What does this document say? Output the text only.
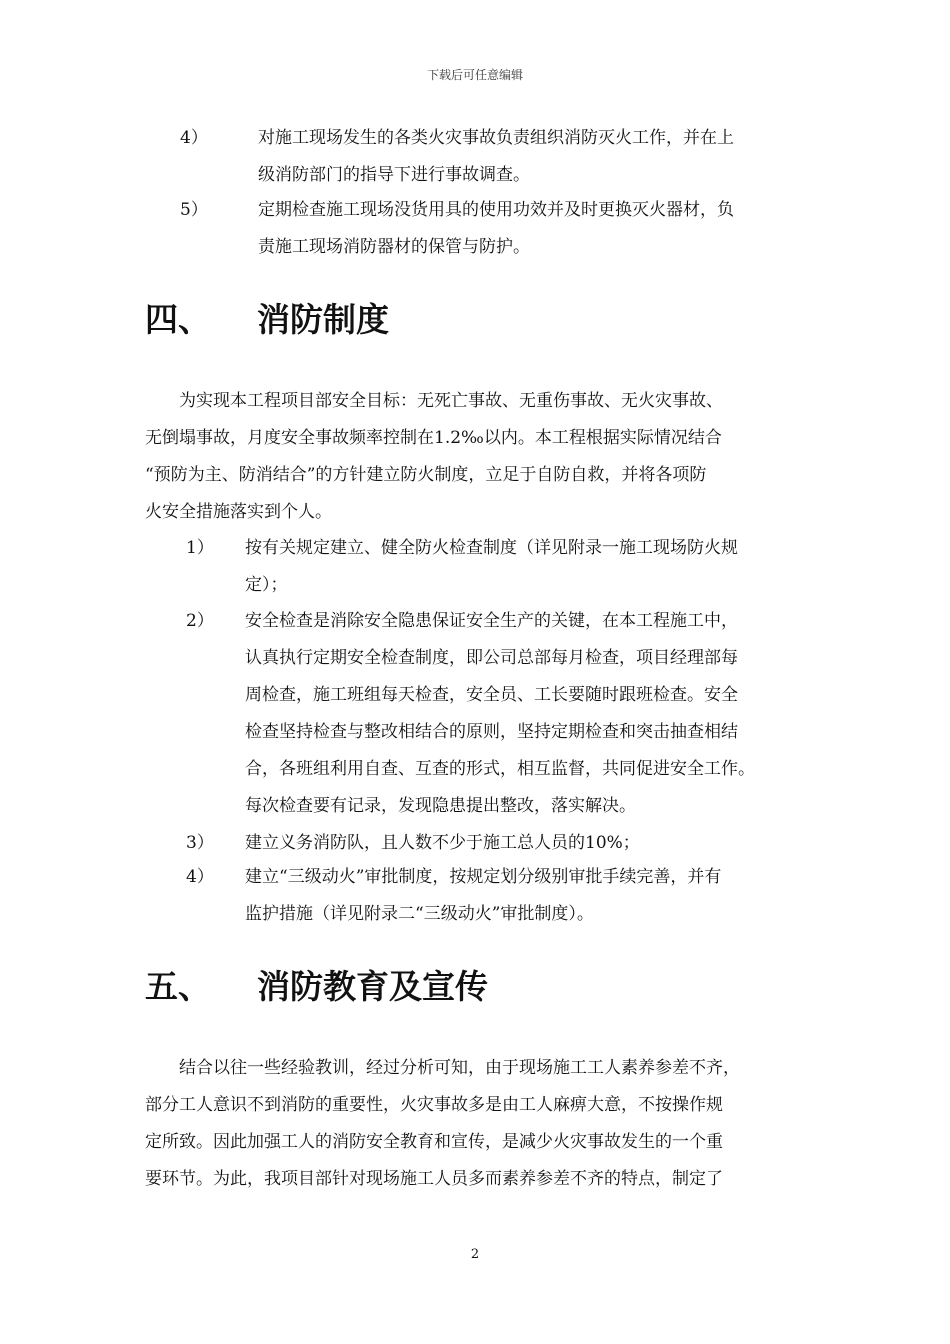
下载后可任意编辑
4）	对施工现场发生的各类火灾事故负责组织消防灭火工作，并在上
级消防部门的指导下进行事故调查。
5）	定期检查施工现场没货用具的使用功效并及时更换灭火器材，负
责施工现场消防器材的保管与防护。
四、 消防制度
　　为实现本工程项目部安全目标：无死亡事故、无重伤事故、无火灾事故、
无倒塌事故，月度安全事故频率控制在1.2‰以内。本工程根据实际情况结合
“预防为主、防消结合”的方针建立防火制度，立足于自防自救，并将各项防
火安全措施落实到个人。
1） 按有关规定建立、健全防火检查制度（详见附录一施工现场防火规
定）；
2） 安全检查是消除安全隐患保证安全生产的关键，在本工程施工中，
认真执行定期安全检查制度，即公司总部每月检查，项目经理部每
周检查，施工班组每天检查，安全员、工长要随时跟班检查。安全
检查坚持检查与整改相结合的原则，坚持定期检查和突击抽查相结
合，各班组利用自查、互查的形式，相互监督，共同促进安全工作。
每次检查要有记录，发现隐患提出整改，落实解决。
3） 建立义务消防队，且人数不少于施工总人员的10%；
4） 建立“三级动火”审批制度，按规定划分级别审批手续完善，并有
监护措施（详见附录二“三级动火”审批制度）。
五、 消防教育及宣传
　　结合以往一些经验教训，经过分析可知，由于现场施工工人素养参差不齐，
部分工人意识不到消防的重要性，火灾事故多是由工人麻痹大意，不按操作规
定所致。因此加强工人的消防安全教育和宣传，是减少火灾事故发生的一个重
要环节。为此，我项目部针对现场施工人员多而素养参差不齐的特点，制定了
2
